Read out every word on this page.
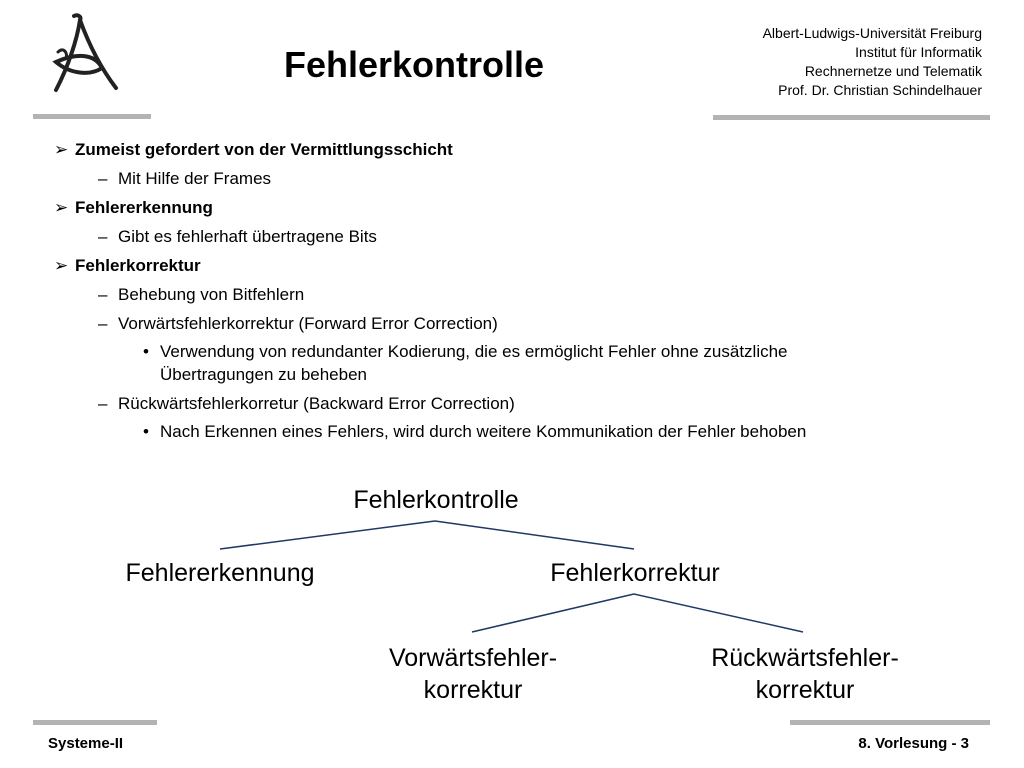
Fehlerkontrolle
Albert-Ludwigs-Universität Freiburg
Institut für Informatik
Rechnernetze und Telematik
Prof. Dr. Christian Schindelhauer
➢ Zumeist gefordert von der Vermittlungsschicht
– Mit Hilfe der Frames
➢ Fehlererkennung
– Gibt es fehlerhaft übertragene Bits
➢ Fehlerkorrektur
– Behebung von Bitfehlern
– Vorwärtsfehlerkorrektur (Forward Error Correction)
• Verwendung von redundanter Kodierung, die es ermöglicht Fehler ohne zusätzliche Übertragungen zu beheben
– Rückwärtsfehlerkorretur (Backward Error Correction)
• Nach Erkennen eines Fehlers, wird durch weitere Kommunikation der Fehler behoben
Fehlerkontrolle
Fehlererkennung	Fehlerkorrektur
Vorwärtsfehler-
korrektur
Rückwärtsfehler-
korrektur
Systeme-II	8. Vorlesung - 3
